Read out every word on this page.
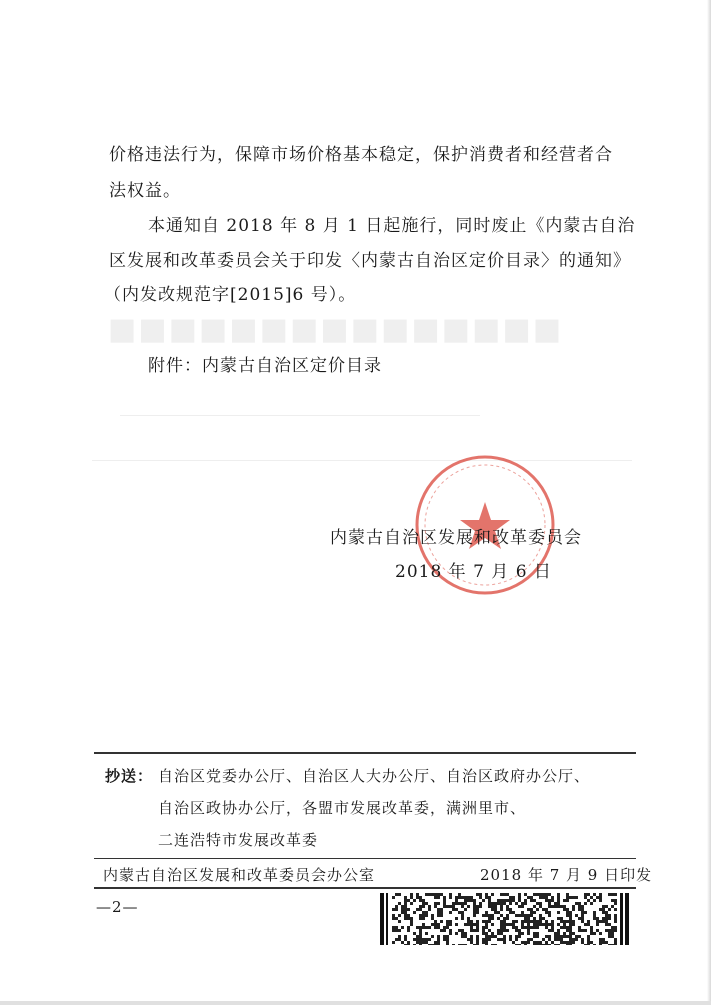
■■■■■■■■■■■■■■■
价格违法行为，保障市场价格基本稳定，保护消费者和经营者合
法权益。
本通知自 2018 年 8 月 1 日起施行，同时废止《内蒙古自治
区发展和改革委员会关于印发〈内蒙古自治区定价目录〉的通知》
（内发改规范字[2015]6 号）。
附件：内蒙古自治区定价目录
内蒙古自治区发展和改革委员会
2018 年 7 月 6 日
抄送： 自治区党委办公厅、自治区人大办公厅、自治区政府办公厅、
自治区政协办公厅，各盟市发展改革委，满洲里市、
二连浩特市发展改革委
内蒙古自治区发展和改革委员会办公室	2018 年 7 月 9 日印发
—2—
